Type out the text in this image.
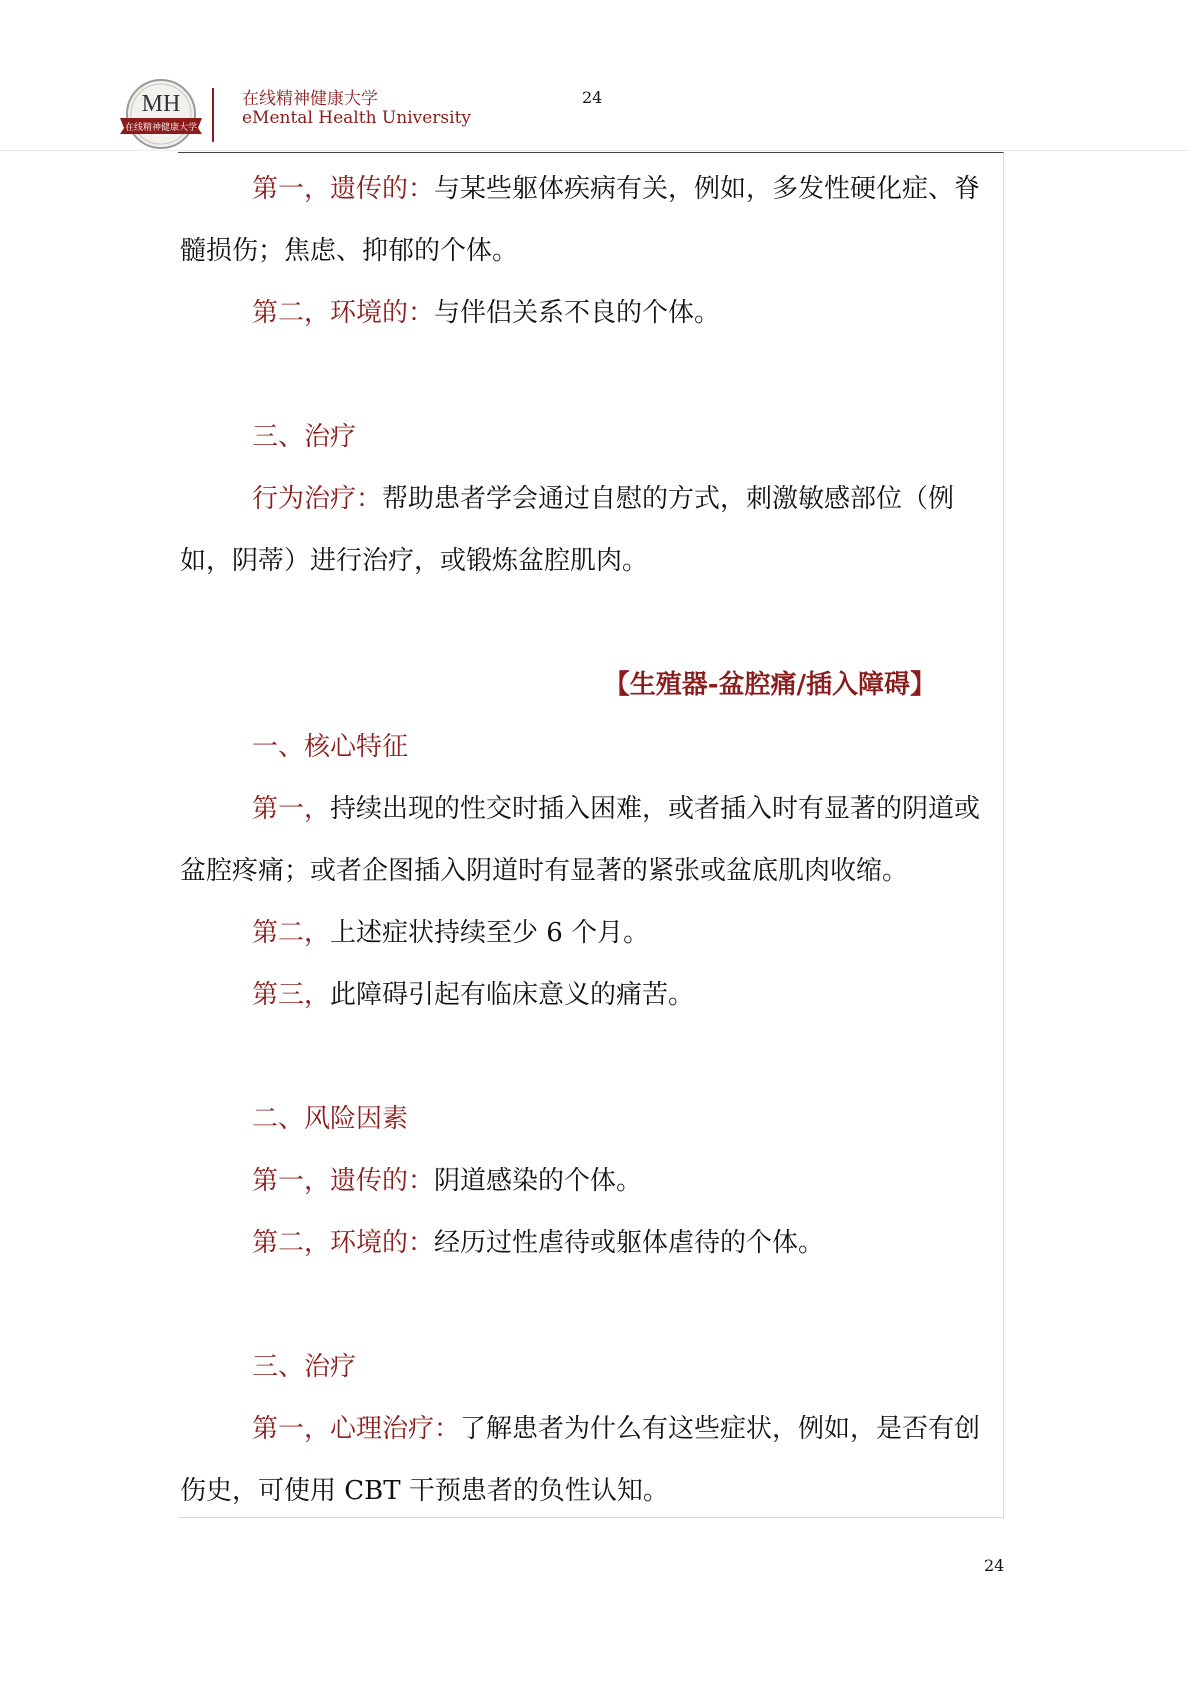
MH
在线精神健康大学
在线精神健康大学
eMental Health University
24

第一，遗传的：与某些躯体疾病有关，例如，多发性硬化症、脊髓损伤；焦虑、抑郁的个体。

第二，环境的：与伴侣关系不良的个体。

三、治疗

行为治疗：帮助患者学会通过自慰的方式，刺激敏感部位（例如，阴蒂）进行治疗，或锻炼盆腔肌肉。

【生殖器-盆腔痛/插入障碍】

一、核心特征

第一，持续出现的性交时插入困难，或者插入时有显著的阴道或盆腔疼痛；或者企图插入阴道时有显著的紧张或盆底肌肉收缩。

第二，上述症状持续至少 6 个月。

第三，此障碍引起有临床意义的痛苦。

二、风险因素

第一，遗传的：阴道感染的个体。

第二，环境的：经历过性虐待或躯体虐待的个体。

三、治疗

第一，心理治疗：了解患者为什么有这些症状，例如，是否有创伤史，可使用 CBT 干预患者的负性认知。

24
